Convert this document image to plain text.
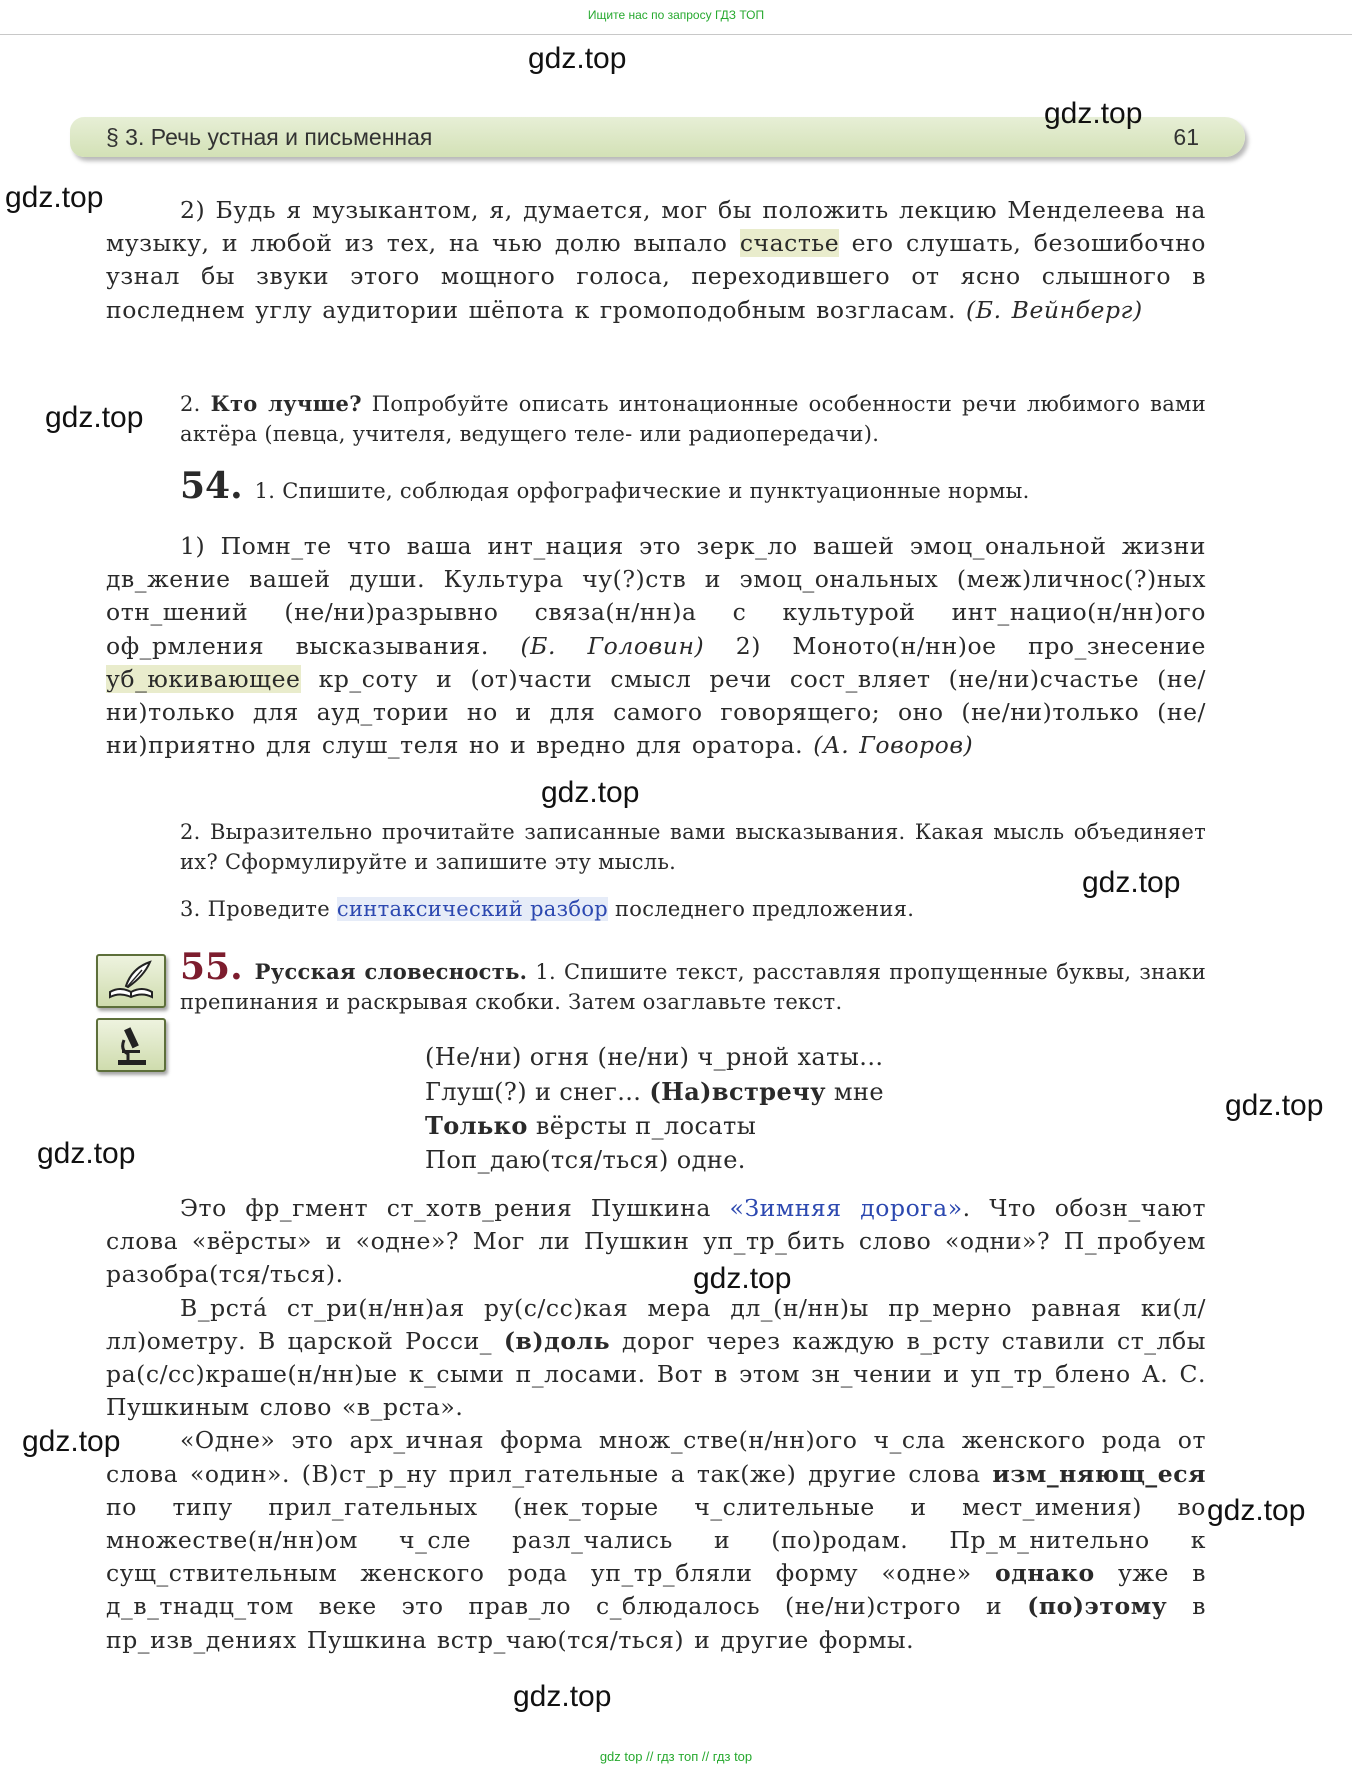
Ищите нас по запросу ГДЗ ТОП
§ 3. Речь устная и письменная	61

2) Будь я музыкантом, я, думается, мог бы положить лекцию Менделеева на музыку, и любой из тех, на чью долю выпало счастье его слушать, безошибочно узнал бы звуки этого мощного голоса, переходившего от ясно слышного в последнем углу аудитории шёпота к громоподобным возгласам. (Б. Вейнберг)

2. Кто лучше? Попробуйте описать интонационные особенности речи любимого вами актёра (певца, учителя, ведущего теле- или радиопередачи).
54. 1. Спишите, соблюдая орфографические и пунктуационные нормы.

1) Помн_те что ваша инт_нация это зерк_ло вашей эмоц_ональной жизни дв_жение вашей души. Культура чу(?)ств и эмоц_ональных (меж)личнос(?)ных отн_шений (не/ни)разрывно связа(н/нн)а с культурой инт_нацио(н/нн)ого оф_рмления высказывания. (Б. Головин) 2) Моното(н/нн)ое про_знесение уб_юкивающее кр_соту и (от)части смысл речи сост_вляет (не/ни)счастье (не/ни)только для ауд_тории но и для самого говорящего; оно (не/ни)только (не/ни)приятно для слуш_теля но и вредно для оратора. (А. Говоров)

2. Выразительно прочитайте записанные вами высказывания. Какая мысль объединяет их? Сформулируйте и запишите эту мысль.
3. Проведите синтаксический разбор последнего предложения.
55. Русская словесность. 1. Спишите текст, расставляя пропущенные буквы, знаки препинания и раскрывая скобки. Затем озаглавьте текст.
(Не/ни) огня (не/ни) ч_рной хаты...
Глуш(?) и снег... (На)встречу мне
Только вёрсты п_лосаты
Поп_даю(тся/ться) одне.

Это фр_гмент ст_хотв_рения Пушкина «Зимняя дорога». Что обозн_чают слова «вёрсты» и «одне»? Мог ли Пушкин уп_тр_бить слово «одни»? П_пробуем разобра(тся/ться).

В_рстá ст_ри(н/нн)ая ру(с/сс)кая мера дл_(н/нн)ы пр_мерно равная ки(л/лл)ометру. В царской Росси_ (в)доль дорог через каждую в_рсту ставили ст_лбы ра(с/сс)краше(н/нн)ые к_сыми п_лосами. Вот в этом зн_чении и уп_тр_блено А. С. Пушкиным слово «в_рста».

«Одне» это арх_ичная форма множ_стве(н/нн)ого ч_сла женского рода от слова «один». (В)ст_р_ну прил_гательные а так(же) другие слова изм_няющ_еся по типу прил_гательных (нек_торые ч_слительные и мест_имения) во множестве(н/нн)ом ч_сле разл_чались и (по)родам. Пр_м_нительно к сущ_ствительным женского рода уп_тр_бляли форму «одне» однако уже в д_в_тнадц_том веке это прав_ло с_блюдалось (не/ни)строго и (по)этому в пр_изв_дениях Пушкина встр_чаю(тся/ться) и другие формы.

gdz.top
gdz.top
gdz.top
gdz.top
gdz.top
gdz.top
gdz.top
gdz.top
gdz.top
gdz.top
gdz.top
gdz.top
gdz top // гдз топ // гдз top
